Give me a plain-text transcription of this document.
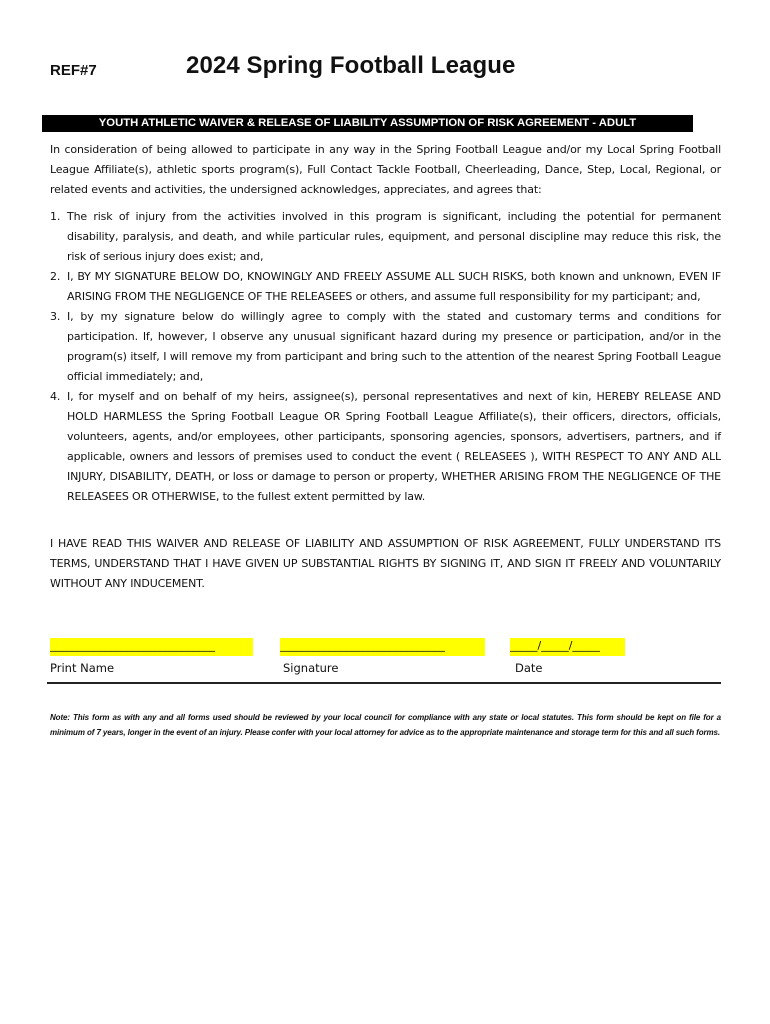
REF#7	2024 Spring Football League
YOUTH ATHLETIC WAIVER & RELEASE OF LIABILITY ASSUMPTION OF RISK AGREEMENT - ADULT
In consideration of being allowed to participate in any way in the Spring Football League and/or my Local Spring Football League Affiliate(s), athletic sports program(s), Full Contact Tackle Football, Cheerleading, Dance, Step, Local, Regional, or related events and activities, the undersigned acknowledges, appreciates, and agrees that:
1. The risk of injury from the activities involved in this program is significant, including the potential for permanent disability, paralysis, and death, and while particular rules, equipment, and personal discipline may reduce this risk, the risk of serious injury does exist; and,
2. I, BY MY SIGNATURE BELOW DO, KNOWINGLY AND FREELY ASSUME ALL SUCH RISKS, both known and unknown, EVEN IF ARISING FROM THE NEGLIGENCE OF THE RELEASEES or others, and assume full responsibility for my participant; and,
3. I, by my signature below do willingly agree to comply with the stated and customary terms and conditions for participation. If, however, I observe any unusual significant hazard during my presence or participation, and/or in the program(s) itself, I will remove my from participant and bring such to the attention of the nearest Spring Football League official immediately; and,
4. I, for myself and on behalf of my heirs, assignee(s), personal representatives and next of kin, HEREBY RELEASE AND HOLD HARMLESS the Spring Football League OR Spring Football League Affiliate(s), their officers, directors, officials, volunteers, agents, and/or employees, other participants, sponsoring agencies, sponsors, advertisers, partners, and if applicable, owners and lessors of premises used to conduct the event ( RELEASEES ), WITH RESPECT TO ANY AND ALL INJURY, DISABILITY, DEATH, or loss or damage to person or property, WHETHER ARISING FROM THE NEGLIGENCE OF THE RELEASEES OR OTHERWISE, to the fullest extent permitted by law.
I HAVE READ THIS WAIVER AND RELEASE OF LIABILITY AND ASSUMPTION OF RISK AGREEMENT, FULLY UNDERSTAND ITS TERMS, UNDERSTAND THAT I HAVE GIVEN UP SUBSTANTIAL RIGHTS BY SIGNING IT, AND SIGN IT FREELY AND VOLUNTARILY WITHOUT ANY INDUCEMENT.
______________________________	______________________________	_____/_____/_____
Print Name	Signature	Date
Note: This form as with any and all forms used should be reviewed by your local council for compliance with any state or local statutes. This form should be kept on file for a minimum of 7 years, longer in the event of an injury. Please confer with your local attorney for advice as to the appropriate maintenance and storage term for this and all such forms.
